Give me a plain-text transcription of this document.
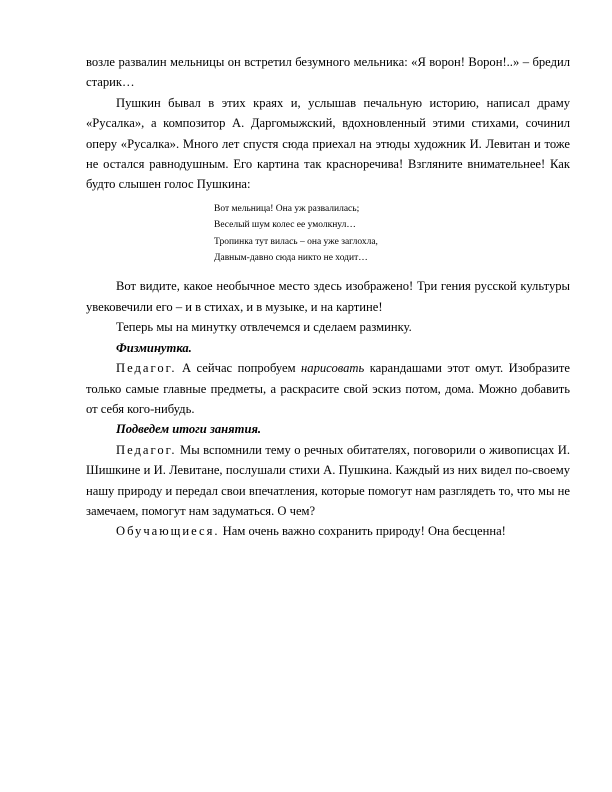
возле развалин мельницы он встретил безумного мельника: «Я ворон! Ворон!..» – бредил старик…

Пушкин бывал в этих краях и, услышав печальную историю, написал драму «Русалка», а композитор А. Даргомыжский, вдохновленный этими стихами, сочинил оперу «Русалка». Много лет спустя сюда приехал на этюды художник И. Левитан и тоже не остался равнодушным. Его картина так красноречива! Взгляните внимательнее! Как будто слышен голос Пушкина:

Вот мельница! Она уж развалилась;
Веселый шум колес ее умолкнул…
Тропинка тут вилась – она уже заглохла,
Давным-давно сюда никто не ходит…

Вот видите, какое необычное место здесь изображено! Три гения русской культуры увековечили его – и в стихах, и в музыке, и на картине!

Теперь мы на минутку отвлечемся и сделаем разминку.

Физминутка.

Педагог. А сейчас попробуем нарисовать карандашами этот омут. Изобразите только самые главные предметы, а раскрасите свой эскиз потом, дома. Можно добавить от себя кого-нибудь.

Подведем итоги занятия.

Педагог. Мы вспомнили тему о речных обитателях, поговорили о живописцах И. Шишкине и И. Левитане, послушали стихи А. Пушкина. Каждый из них видел по-своему нашу природу и передал свои впечатления, которые помогут нам разглядеть то, что мы не замечаем, помогут нам задуматься. О чем?

Обучающиеся. Нам очень важно сохранить природу! Она бесценна!
